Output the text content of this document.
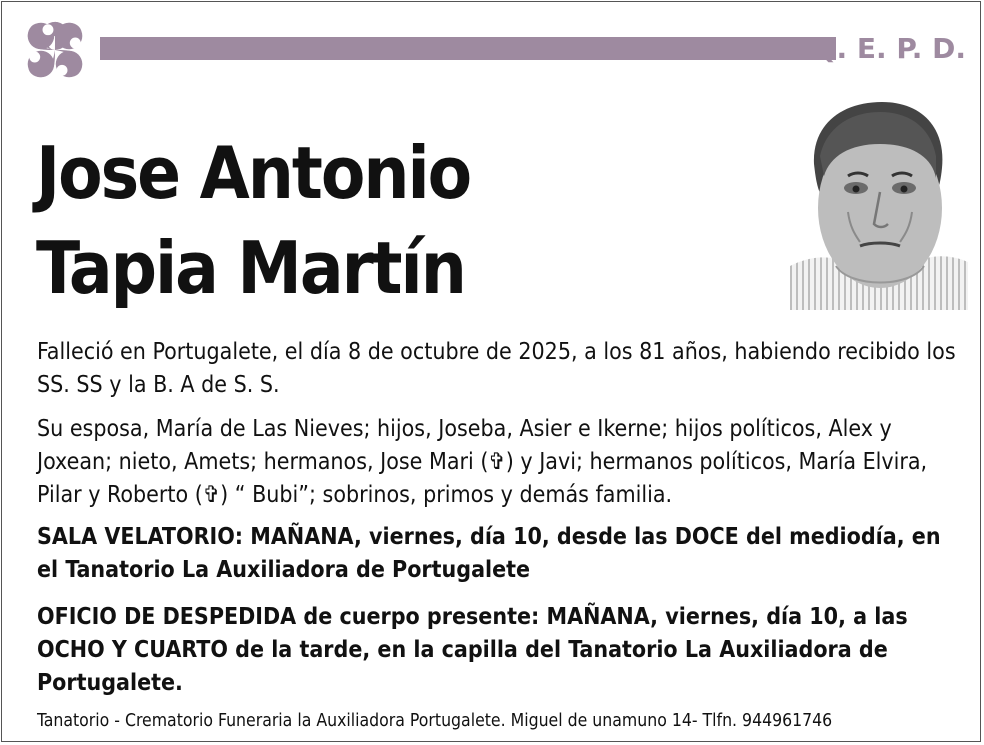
Q. E. P. D.
Jose Antonio
Tapia Martín

Falleció en Portugalete, el día 8 de octubre de 2025, a los 81 años, habiendo recibido los SS. SS y la B. A de S. S.

Su esposa, María de Las Nieves; hijos, Joseba, Asier e Ikerne; hijos políticos, Alex y Joxean; nieto, Amets; hermanos, Jose Mari (✞) y Javi; hermanos políticos, María Elvira, Pilar y Roberto (✞) “ Bubi”; sobrinos, primos y demás familia.

SALA VELATORIO: MAÑANA, viernes, día 10, desde las DOCE del mediodía, en el Tanatorio La Auxiliadora de Portugalete

OFICIO DE DESPEDIDA de cuerpo presente: MAÑANA, viernes, día 10, a las OCHO Y CUARTO de la tarde, en la capilla del Tanatorio La Auxiliadora de Portugalete.

Tanatorio - Crematorio Funeraria la Auxiliadora Portugalete. Miguel de unamuno 14- Tlfn. 944961746
